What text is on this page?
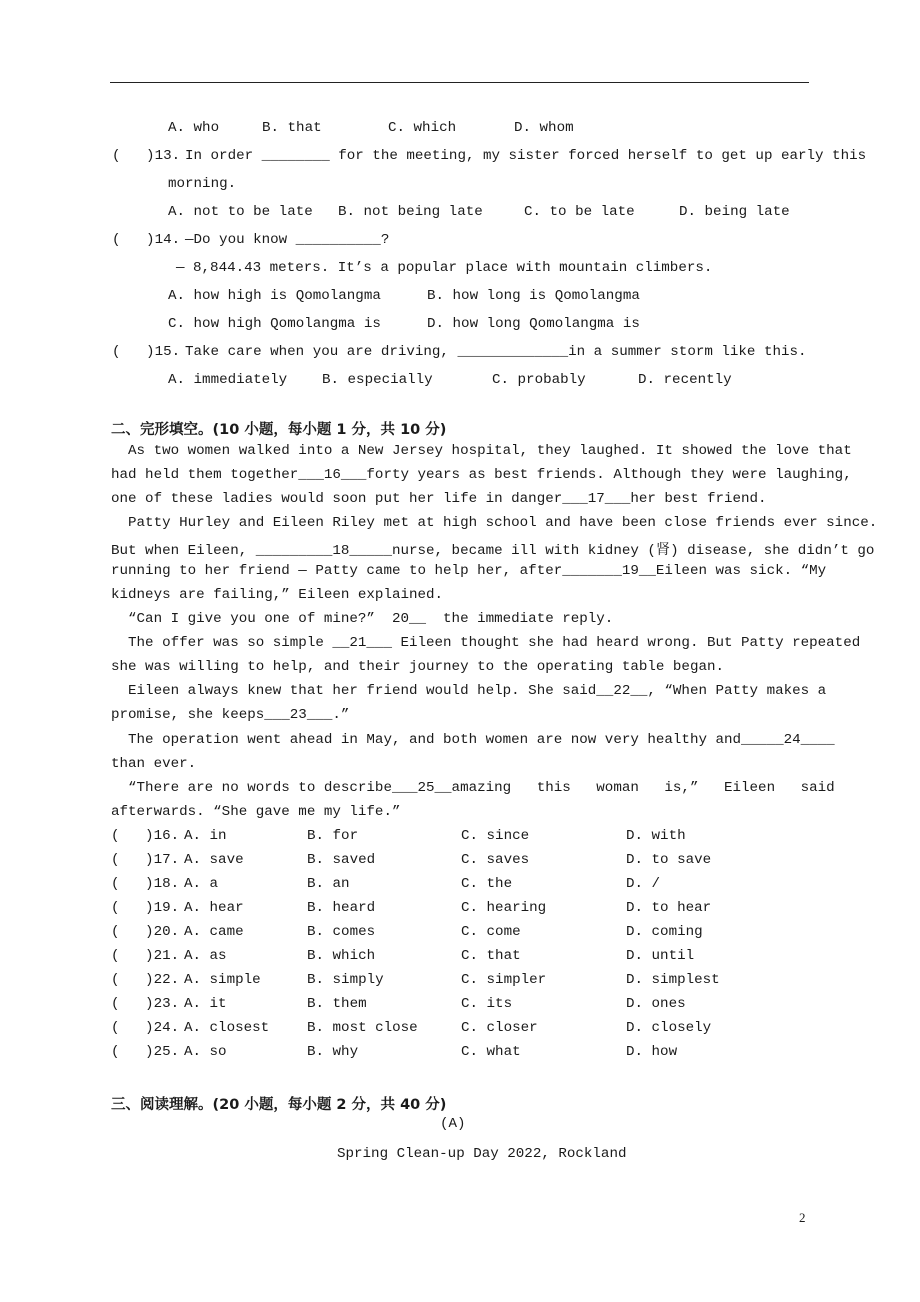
A. who	B. that	C. which	D. whom
(   )13. In order ________ for the meeting, my sister forced herself to get up early this
morning.
A. not to be late B. not being late	C. to be late	D. being late
(   )14. —Do you know __________?
— 8,844.43 meters. It’s a popular place with mountain climbers.
A. how high is Qomolangma	B. how long is Qomolangma
C. how high Qomolangma is	D. how long Qomolangma is
(   )15. Take care when you are driving, _____________in a summer storm like this.
A. immediately B. especially	C. probably	D. recently
二、完形填空。(10 小题，每小题 1 分，共 10 分)
As two women walked into a New Jersey hospital, they laughed. It showed the love that
had held them together___16___forty years as best friends. Although they were laughing,
one of these ladies would soon put her life in danger___17___her best friend.
Patty Hurley and Eileen Riley met at high school and have been close friends ever since.
But when Eileen, _________18_____nurse, became ill with kidney (肾) disease, she didn’t go
running to her friend — Patty came to help her, after_______19__Eileen was sick. “My
kidneys are failing,” Eileen explained.
“Can I give you one of mine?”  20__  the immediate reply.
The offer was so simple __21___ Eileen thought she had heard wrong. But Patty repeated
she was willing to help, and their journey to the operating table began.
Eileen always knew that her friend would help. She said__22__, “When Patty makes a
promise, she keeps___23___.”
The operation went ahead in May, and both women are now very healthy and_____24____
than ever.
“There are no words to describe___25__amazing   this   woman   is,”   Eileen   said
afterwards. “She gave me my life.”
(   )16. A. in	B. for	C. since	D. with
(   )17. A. save	B. saved	C. saves	D. to save
(   )18. A. a	B. an	C. the	D. /
(   )19. A. hear	B. heard	C. hearing	D. to hear
(   )20. A. came	B. comes	C. come	D. coming
(   )21. A. as	B. which	C. that	D. until
(   )22. A. simple	B. simply	C. simpler	D. simplest
(   )23. A. it	B. them	C. its	D. ones
(   )24. A. closest	B. most close	C. closer	D. closely
(   )25. A. so	B. why	C. what	D. how
三、阅读理解。(20 小题，每小题 2 分，共 40 分)
(A)
Spring Clean-up Day 2022, Rockland
2
